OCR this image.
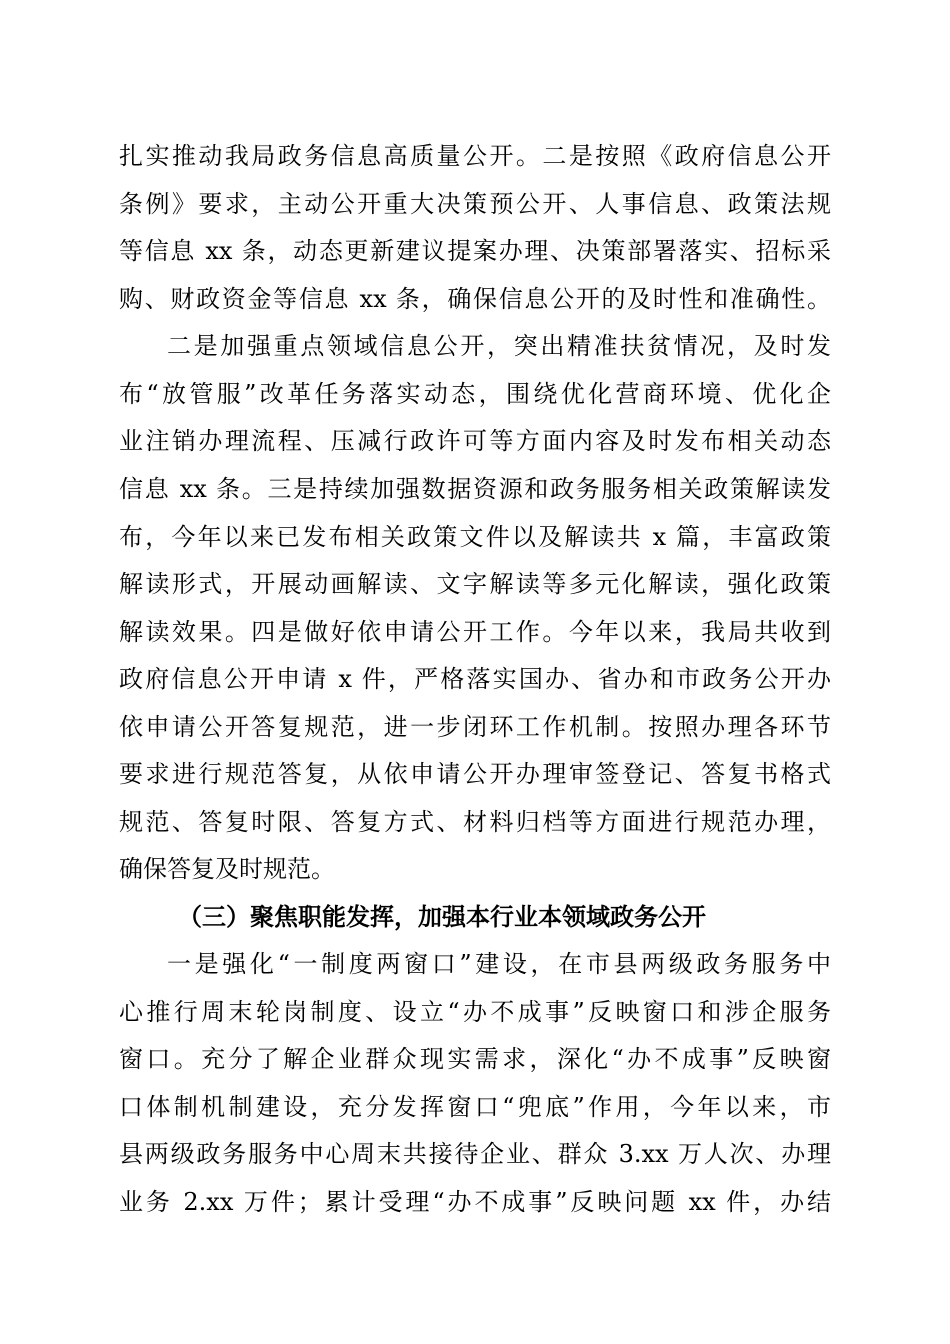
扎实推动我局政务信息高质量公开。二是按照《政府信息公开
条例》要求，主动公开重大决策预公开、人事信息、政策法规
等信息 xx 条，动态更新建议提案办理、决策部署落实、招标采
购、财政资金等信息 xx 条，确保信息公开的及时性和准确性。
二是加强重点领域信息公开，突出精准扶贫情况，及时发
布“放管服”改革任务落实动态，围绕优化营商环境、优化企
业注销办理流程、压减行政许可等方面内容及时发布相关动态
信息 xx 条。三是持续加强数据资源和政务服务相关政策解读发
布，今年以来已发布相关政策文件以及解读共 x 篇，丰富政策
解读形式，开展动画解读、文字解读等多元化解读，强化政策
解读效果。四是做好依申请公开工作。今年以来，我局共收到
政府信息公开申请 x 件，严格落实国办、省办和市政务公开办
依申请公开答复规范，进一步闭环工作机制。按照办理各环节
要求进行规范答复，从依申请公开办理审签登记、答复书格式
规范、答复时限、答复方式、材料归档等方面进行规范办理，
确保答复及时规范。
（三）聚焦职能发挥，加强本行业本领域政务公开
一是强化“一制度两窗口”建设，在市县两级政务服务中
心推行周末轮岗制度、设立“办不成事”反映窗口和涉企服务
窗口。充分了解企业群众现实需求，深化“办不成事”反映窗
口体制机制建设，充分发挥窗口“兜底”作用，今年以来，市
县两级政务服务中心周末共接待企业、群众 3.xx 万人次、办理
业务 2.xx 万件；累计受理“办不成事”反映问题 xx 件，办结
